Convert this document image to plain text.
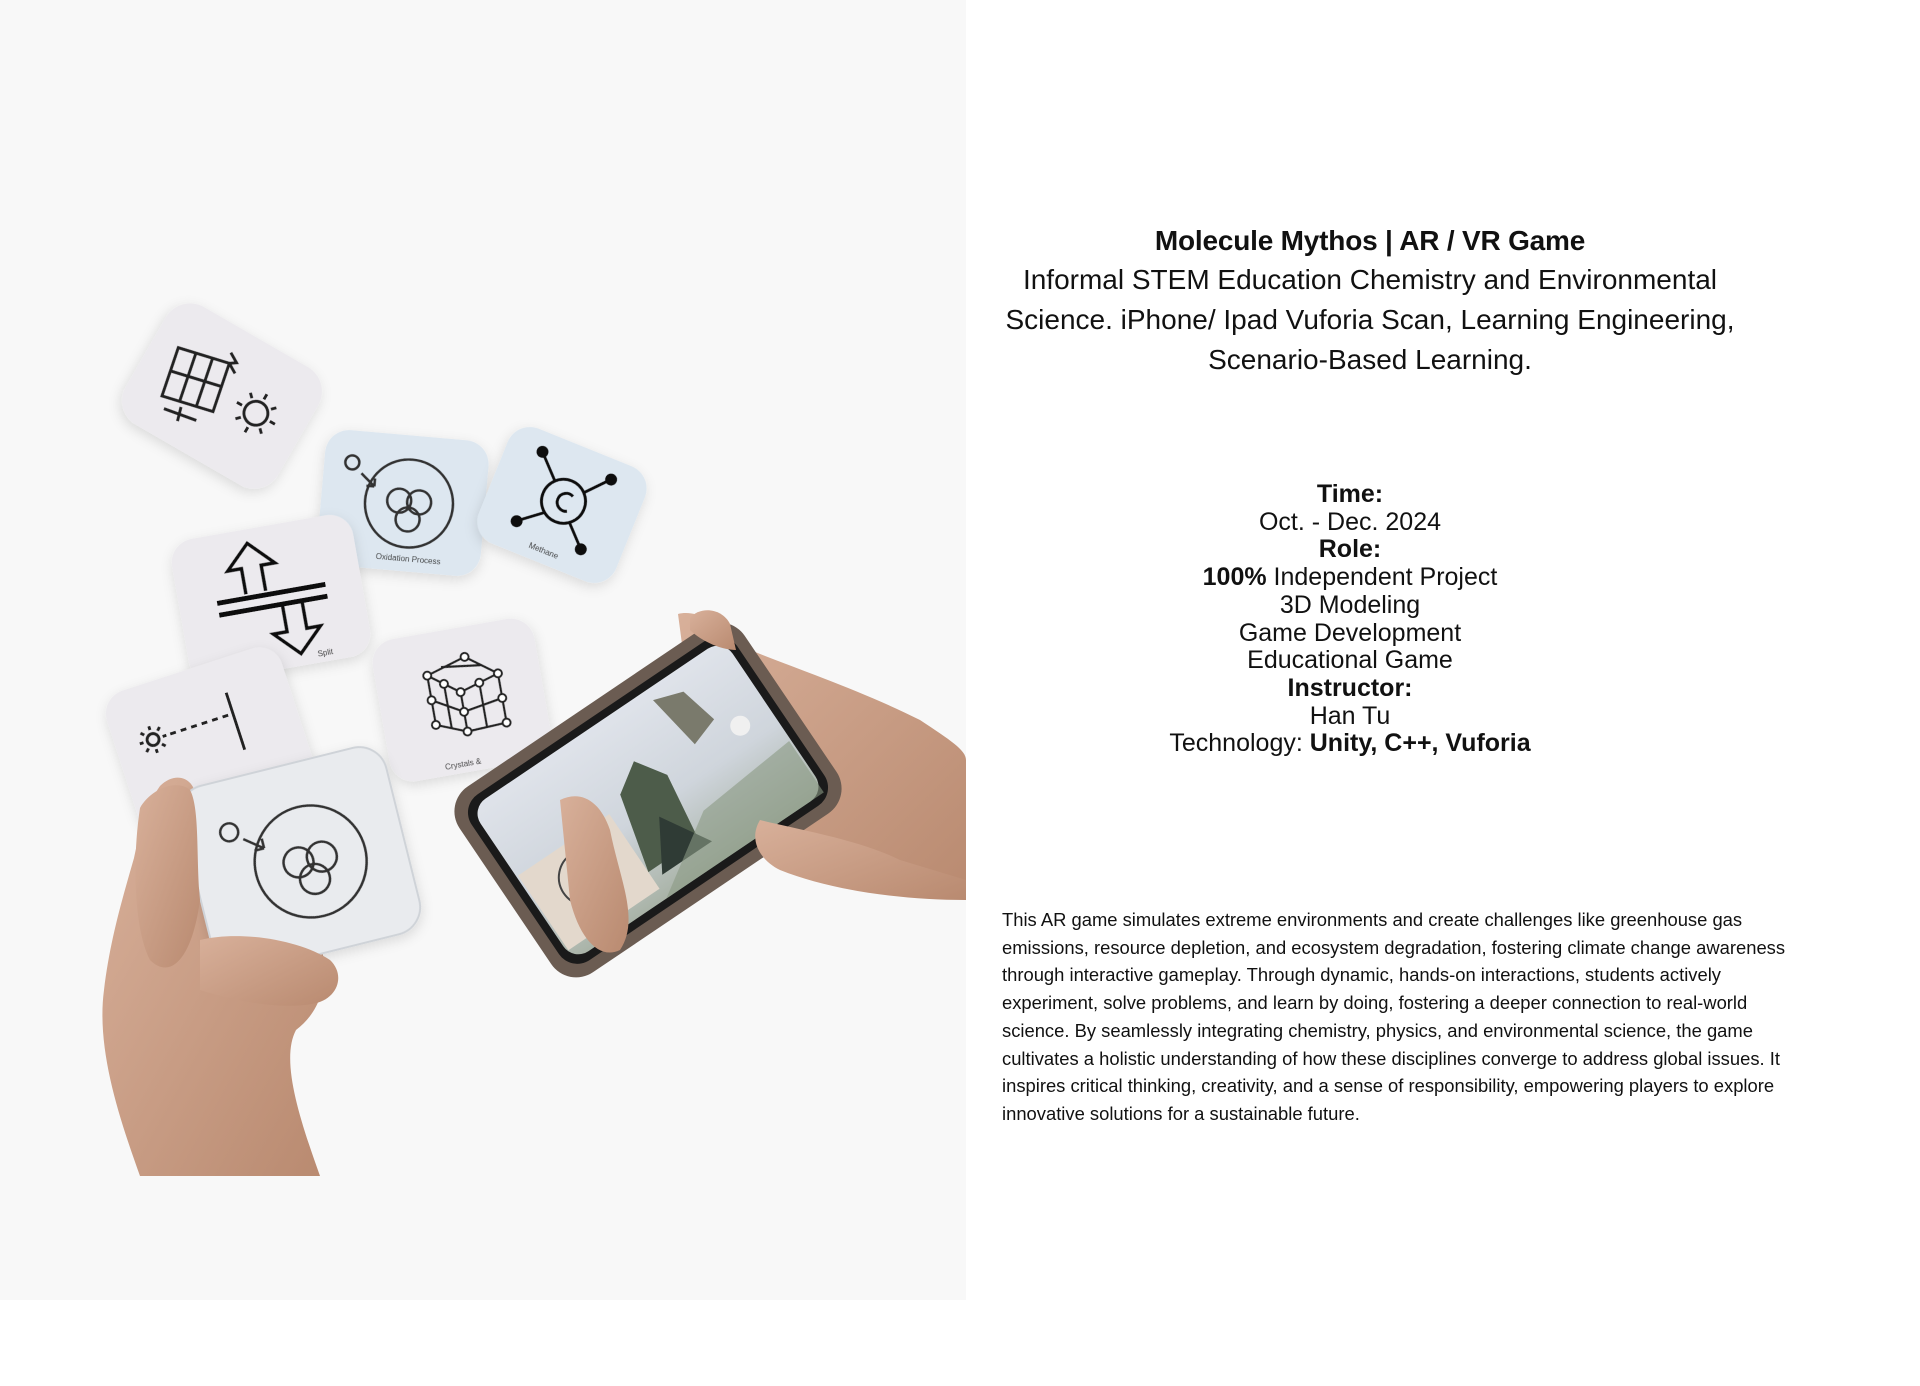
Oxidation Process	Methane
Split
Crystals &
Molecule Mythos | AR / VR Game
Informal STEM Education Chemistry and Environmental Science. iPhone/ Ipad Vuforia Scan, Learning Engineering, Scenario-Based Learning.
Time:
Oct. - Dec. 2024
Role:
100% Independent Project
3D Modeling
Game Development
Educational Game
Instructor:
Han Tu
Technology: Unity, C++, Vuforia
This AR game simulates extreme environments and create challenges like greenhouse gas emissions, resource depletion, and ecosystem degradation, fostering climate change awareness through interactive gameplay. Through dynamic, hands-on interactions, students actively experiment, solve problems, and learn by doing, fostering a deeper connection to real-world science. By seamlessly integrating chemistry, physics, and environmental science, the game cultivates a holistic understanding of how these disciplines converge to address global issues. It inspires critical thinking, creativity, and a sense of responsibility, empowering players to explore innovative solutions for a sustainable future.
